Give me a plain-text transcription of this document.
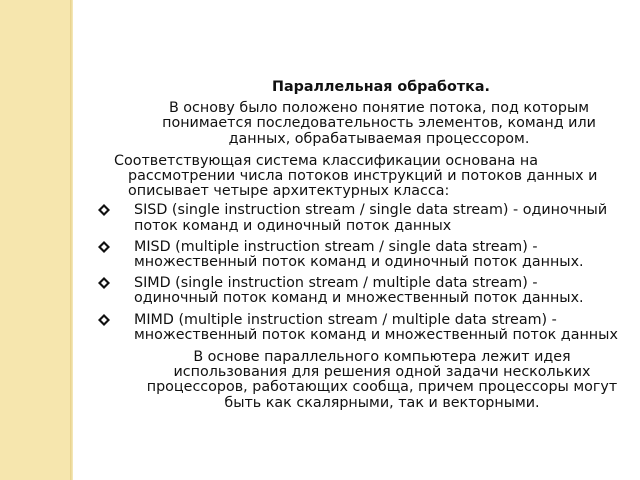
Параллельная обработка.

В основу было положено понятие потока, под которым понимается последовательность элементов, команд или данных, обрабатываемая процессором.

Соответствующая система классификации основана на рассмотрении числа потоков инструкций и потоков данных и описывает четыре архитектурных класса:

SISD (single instruction stream / single data stream) - одиночный поток команд и одиночный поток данных
MISD (multiple instruction stream / single data stream) - множественный поток команд и одиночный поток данных.
SIMD (single instruction stream / multiple data stream) - одиночный поток команд и множественный поток данных.
MIMD (multiple instruction stream / multiple data stream) - множественный поток команд и множественный поток данных

В основе параллельного компьютера лежит идея использования для решения одной задачи нескольких процессоров, работающих сообща, причем процессоры могут быть как скалярными, так и векторными.
